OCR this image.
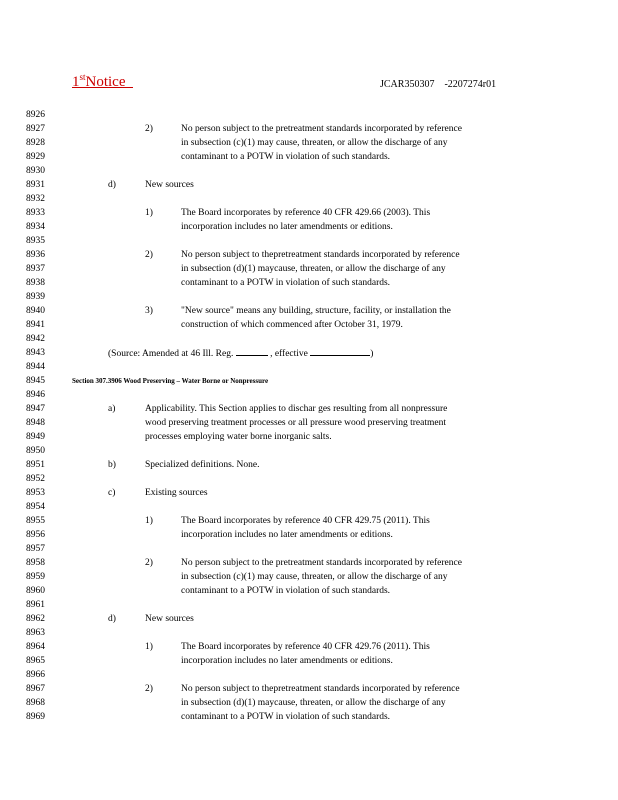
1stNotice	JCAR350307    -2207274r01
8926
8927	2)	No person subject to the pretreatment standards incorporated by reference
8928	in subsection (c)(1) may cause, threaten, or allow the discharge of any
8929	contaminant to a POTW in violation of such standards.
8930
8931	d)	New sources
8932
8933	1)	The Board incorporates by reference 40 CFR 429.66 (2003). This
8934	incorporation includes no later amendments or editions.
8935
8936	2)	No person subject to thepretreatment standards incorporated by reference
8937	in subsection (d)(1) maycause, threaten, or allow the discharge of any
8938	contaminant to a POTW in violation of such standards.
8939
8940	3)	"New source" means any building, structure, facility, or installation the
8941	construction of which commenced after October 31, 1979.
8942
8943	(Source: Amended at 46 Ill. Reg.	, effective	)
8944
8945	Section 307.3906 Wood Preserving – Water Borne or Nonpressure
8946
8947	a)	Applicability. This Section applies to dischar ges resulting from all nonpressure
8948	wood preserving treatment processes or all pressure wood preserving treatment
8949	processes employing water borne inorganic salts.
8950
8951	b)	Specialized definitions. None.
8952
8953	c)	Existing sources
8954
8955	1)	The Board incorporates by reference 40 CFR 429.75 (2011). This
8956	incorporation includes no later amendments or editions.
8957
8958	2)	No person subject to the pretreatment standards incorporated by reference
8959	in subsection (c)(1) may cause, threaten, or allow the discharge of any
8960	contaminant to a POTW in violation of such standards.
8961
8962	d)	New sources
8963
8964	1)	The Board incorporates by reference 40 CFR 429.76 (2011). This
8965	incorporation includes no later amendments or editions.
8966
8967	2)	No person subject to thepretreatment standards incorporated by reference
8968	in subsection (d)(1) maycause, threaten, or allow the discharge of any
8969	contaminant to a POTW in violation of such standards.
